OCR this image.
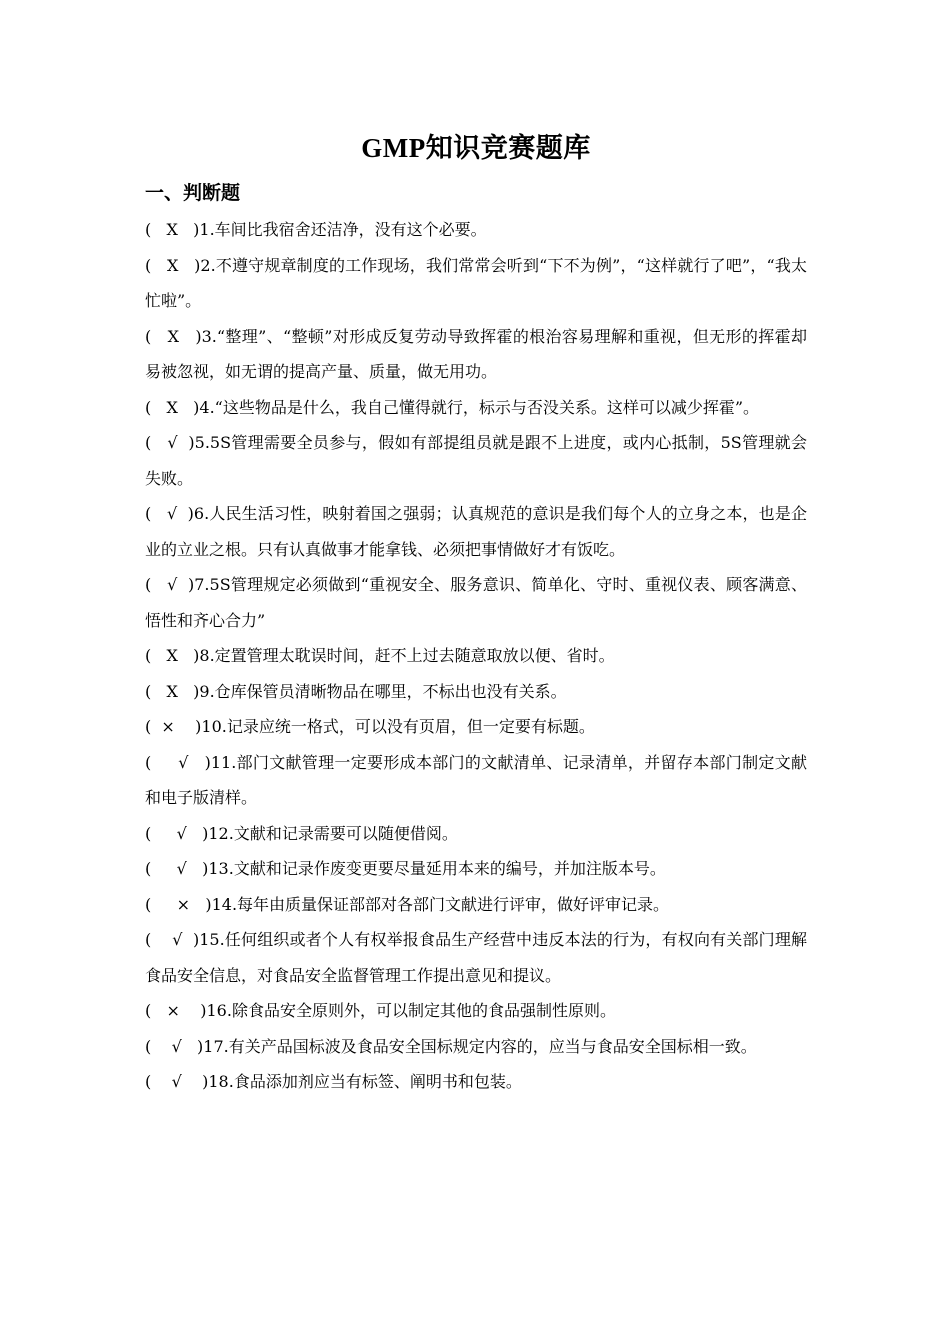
GMP知识竞赛题库
一、判断题

(   X   )1.车间比我宿舍还洁净，没有这个必要。

(   X   )2.不遵守规章制度的工作现场，我们常常会听到“下不为例”，“这样就行了吧”，“我太忙啦”。

(   X   )3.“整理”、“整顿”对形成反复劳动导致挥霍的根治容易理解和重视，但无形的挥霍却易被忽视，如无谓的提高产量、质量，做无用功。

(   X   )4.“这些物品是什么，我自己懂得就行，标示与否没关系。这样可以减少挥霍”。

(   √  )5.5S管理需要全员参与，假如有部提组员就是跟不上进度，或内心抵制，5S管理就会失败。

(   √  )6.人民生活习性，映射着国之强弱；认真规范的意识是我们每个人的立身之本，也是企业的立业之根。只有认真做事才能拿钱、必须把事情做好才有饭吃。

(   √  )7.5S管理规定必须做到“重视安全、服务意识、简单化、守时、重视仪表、顾客满意、悟性和齐心合力”

(   X   )8.定置管理太耽误时间，赶不上过去随意取放以便、省时。

(   X   )9.仓库保管员清晰物品在哪里，不标出也没有关系。

(  ×    )10.记录应统一格式，可以没有页眉，但一定要有标题。

(     √   )11.部门文献管理一定要形成本部门的文献清单、记录清单，并留存本部门制定文献和电子版清样。

(     √   )12.文献和记录需要可以随便借阅。

(     √   )13.文献和记录作废变更要尽量延用本来的编号，并加注版本号。

(     ×   )14.每年由质量保证部部对各部门文献进行评审，做好评审记录。

(    √  )15.任何组织或者个人有权举报食品生产经营中违反本法的行为，有权向有关部门理解食品安全信息，对食品安全监督管理工作提出意见和提议。

(   ×    )16.除食品安全原则外，可以制定其他的食品强制性原则。

(    √   )17.有关产品国标波及食品安全国标规定内容的，应当与食品安全国标相一致。

(    √    )18.食品添加剂应当有标签、阐明书和包装。
